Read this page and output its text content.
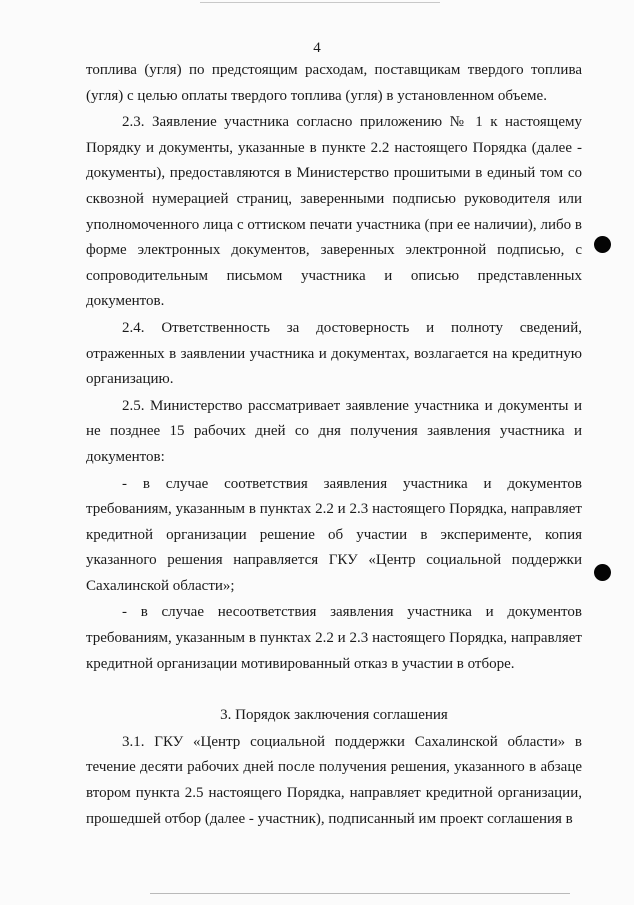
4

топлива (угля) по предстоящим расходам, поставщикам твердого топлива (угля) с целью оплаты твердого топлива (угля) в установленном объеме.

2.3. Заявление участника согласно приложению № 1 к настоящему Порядку и документы, указанные в пункте 2.2 настоящего Порядка (далее - документы), предоставляются в Министерство прошитыми в единый том со сквозной нумерацией страниц, заверенными подписью руководителя или уполномоченного лица с оттиском печати участника (при ее наличии), либо в форме электронных документов, заверенных электронной подписью, с сопроводительным письмом участника и описью представленных документов.

2.4. Ответственность за достоверность и полноту сведений, отраженных в заявлении участника и документах, возлагается на кредитную организацию.

2.5. Министерство рассматривает заявление участника и документы и не позднее 15 рабочих дней со дня получения заявления участника и документов:

- в случае соответствия заявления участника и документов требованиям, указанным в пунктах 2.2 и 2.3 настоящего Порядка, направляет кредитной организации решение об участии в эксперименте, копия указанного решения направляется ГКУ «Центр социальной поддержки Сахалинской области»;

- в случае несоответствия заявления участника и документов требованиям, указанным в пунктах 2.2 и 2.3 настоящего Порядка, направляет кредитной организации мотивированный отказ в участии в отборе.

3. Порядок заключения соглашения

3.1. ГКУ «Центр социальной поддержки Сахалинской области» в течение десяти рабочих дней после получения решения, указанного в абзаце втором пункта 2.5 настоящего Порядка, направляет кредитной организации, прошедшей отбор (далее - участник), подписанный им проект соглашения в
